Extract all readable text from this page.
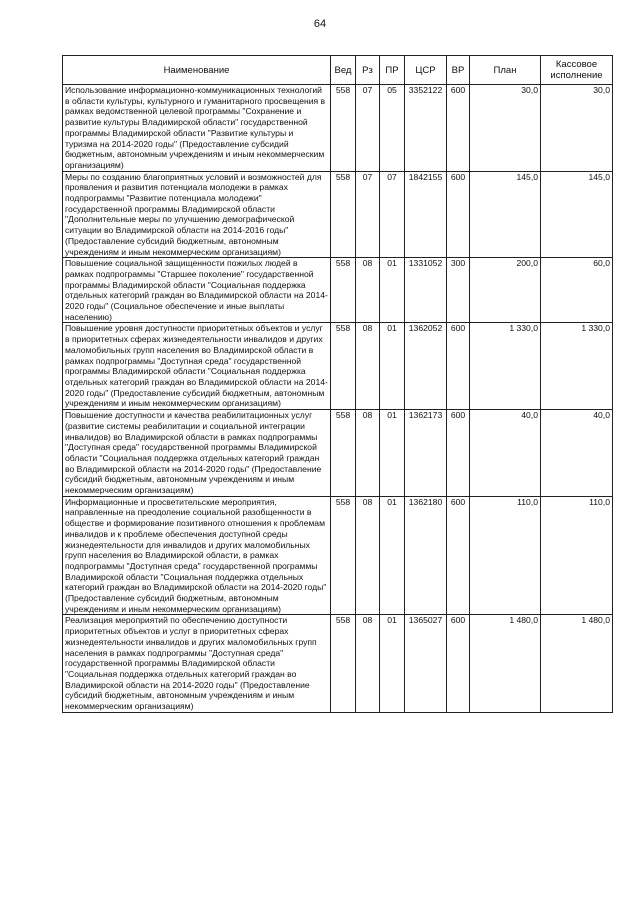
64
Наименование	Вед	Рз	ПР	ЦСР	ВР	План	Кассовое исполнение
Использование информационно-коммуникационных технологий в области культуры, культурного и гуманитарного просвещения в рамках ведомственной целевой программы "Сохранение и развитие культуры Владимирской области" государственной программы Владимирской области "Развитие культуры и туризма на 2014-2020 годы" (Предоставление субсидий бюджетным, автономным учреждениям и иным некоммерческим организациям)	558	07	05	3352122	600	30,0	30,0
Меры по созданию благоприятных условий и возможностей для проявления и развития потенциала молодежи в рамках подпрограммы "Развитие потенциала молодежи" государственной программы Владимирской области "Дополнительные меры по улучшению демографической ситуации во Владимирской области на 2014-2016 годы" (Предоставление субсидий бюджетным, автономным учреждениям и иным некоммерческим организациям)	558	07	07	1842155	600	145,0	145,0
Повышение социальной защищенности пожилых людей в рамках подпрограммы "Старшее поколение" государственной программы Владимирской области "Социальная поддержка отдельных категорий граждан во Владимирской области на 2014-2020 годы" (Социальное обеспечение и иные выплаты населению)	558	08	01	1331052	300	200,0	60,0
Повышение уровня доступности приоритетных объектов и услуг в приоритетных сферах жизнедеятельности инвалидов и других маломобильных групп населения во Владимирской области в рамках подпрограммы "Доступная среда" государственной программы Владимирской области "Социальная поддержка отдельных категорий граждан во Владимирской области на 2014-2020 годы" (Предоставление субсидий бюджетным, автономным учреждениям и иным некоммерческим организациям)	558	08	01	1362052	600	1 330,0	1 330,0
Повышение доступности и качества реабилитационных услуг (развитие системы реабилитации и социальной интеграции инвалидов) во Владимирской области в рамках подпрограммы "Доступная среда" государственной программы Владимирской области "Социальная поддержка отдельных категорий граждан во Владимирской области на 2014-2020 годы" (Предоставление субсидий бюджетным, автономным учреждениям и иным некоммерческим организациям)	558	08	01	1362173	600	40,0	40,0
Информационные и просветительские мероприятия, направленные на преодоление социальной разобщенности в обществе и формирование позитивного отношения к проблемам инвалидов и к проблеме обеспечения доступной среды жизнедеятельности для инвалидов и других маломобильных групп населения во Владимирской области, в рамках подпрограммы "Доступная среда" государственной программы Владимирской области "Социальная поддержка отдельных категорий граждан во Владимирской области на 2014-2020 годы" (Предоставление субсидий бюджетным, автономным учреждениям и иным некоммерческим организациям)	558	08	01	1362180	600	110,0	110,0
Реализация мероприятий по обеспечению доступности приоритетных объектов и услуг в приоритетных сферах жизнедеятельности инвалидов и других маломобильных групп населения в рамках подпрограммы "Доступная среда" государственной программы Владимирской области "Социальная поддержка отдельных категорий граждан во Владимирской области на 2014-2020 годы" (Предоставление субсидий бюджетным, автономным учреждениям и иным некоммерческим организациям)	558	08	01	1365027	600	1 480,0	1 480,0
